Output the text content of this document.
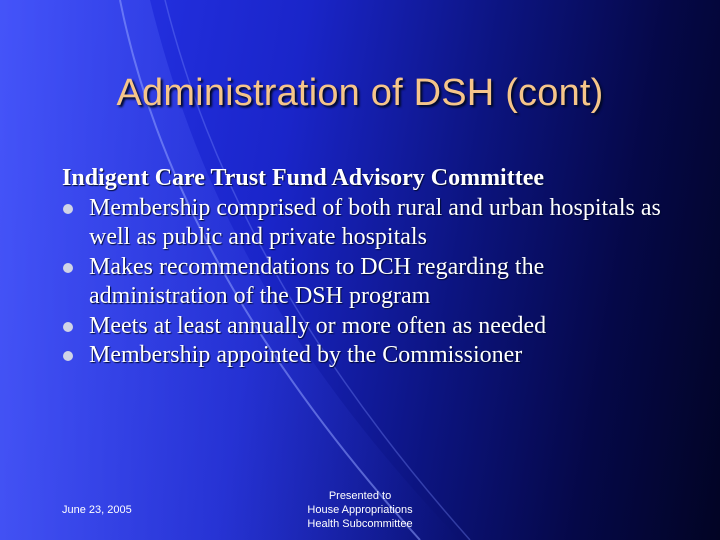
Administration of DSH (cont)
Indigent Care Trust Fund Advisory Committee
Membership comprised of both rural and urban hospitals as well as public and private hospitals
Makes recommendations to DCH regarding the administration of the DSH program
Meets at least annually or more often as needed
Membership appointed by the Commissioner
June 23, 2005
Presented to
House Appropriations
Health Subcommittee
